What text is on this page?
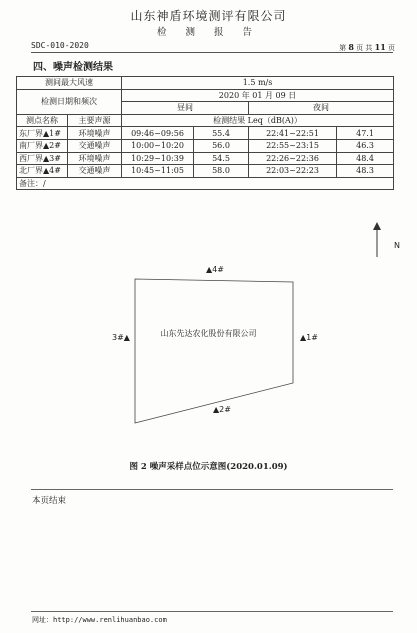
山东神盾环境测评有限公司
检 测 报 告
SDC-010-2020	第 8 页 共 11 页
四、噪声检测结果
测间最大风速		1.5 m/s			
检测日期和频次		2020 年 01 月 09 日			
		昼间		夜间	
测点名称	主要声源	检测结果 Leq（dB(A)）			
东厂界▲1#	环境噪声	09:46~09:56	55.4	22:41~22:51	47.1
南厂界▲2#	交通噪声	10:00~10:20	56.0	22:55~23:15	46.3
西厂界▲3#	环境噪声	10:29~10:39	54.5	22:26~22:36	48.4
北厂界▲4#	交通噪声	10:45~11:05	58.0	22:03~22:23	48.3
备注：/					
N
山东先达农化股份有限公司
▲4#
▲1#
▲2#
3#▲
图 2 噪声采样点位示意图(2020.01.09)
本页结束
网址：http://www.renlihuanbao.com
